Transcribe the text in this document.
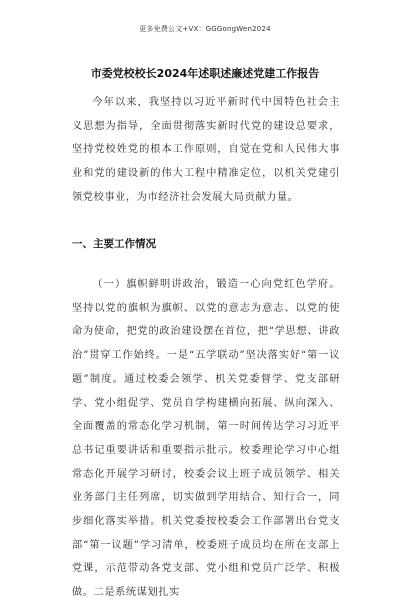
更多免费公文+VX：GGGongWen2024
市委党校校长2024年述职述廉述党建工作报告

今年以来，我坚持以习近平新时代中国特色社会主义思想为指导，全面贯彻落实新时代党的建设总要求，坚持党校姓党的根本工作原则，自觉在党和人民伟大事业和党的建设新的伟大工程中精准定位，以机关党建引领党校事业，为市经济社会发展大局贡献力量。

一、主要工作情况

（一）旗帜鲜明讲政治，锻造一心向党红色学府。坚持以党的旗帜为旗帜、以党的意志为意志、以党的使命为使命，把党的政治建设摆在首位，把“学思想、讲政治”贯穿工作始终。一是“五学联动”坚决落实好“第一议题”制度。通过校委会领学、机关党委督学、党支部研学、党小组促学、党员自学构建横向拓展、纵向深入、全面覆盖的常态化学习机制，第一时间传达学习习近平总书记重要讲话和重要指示批示。校委理论学习中心组常态化开展学习研讨，校委会议上班子成员领学、相关业务部门主任列席，切实做到学用结合、知行合一，同步细化落实举措。机关党委按校委会工作部署出台党支部“第一议题”学习清单，校委班子成员均在所在支部上党课，示范带动各党支部、党小组和党员广泛学、积极做。二是系统谋划扎实
